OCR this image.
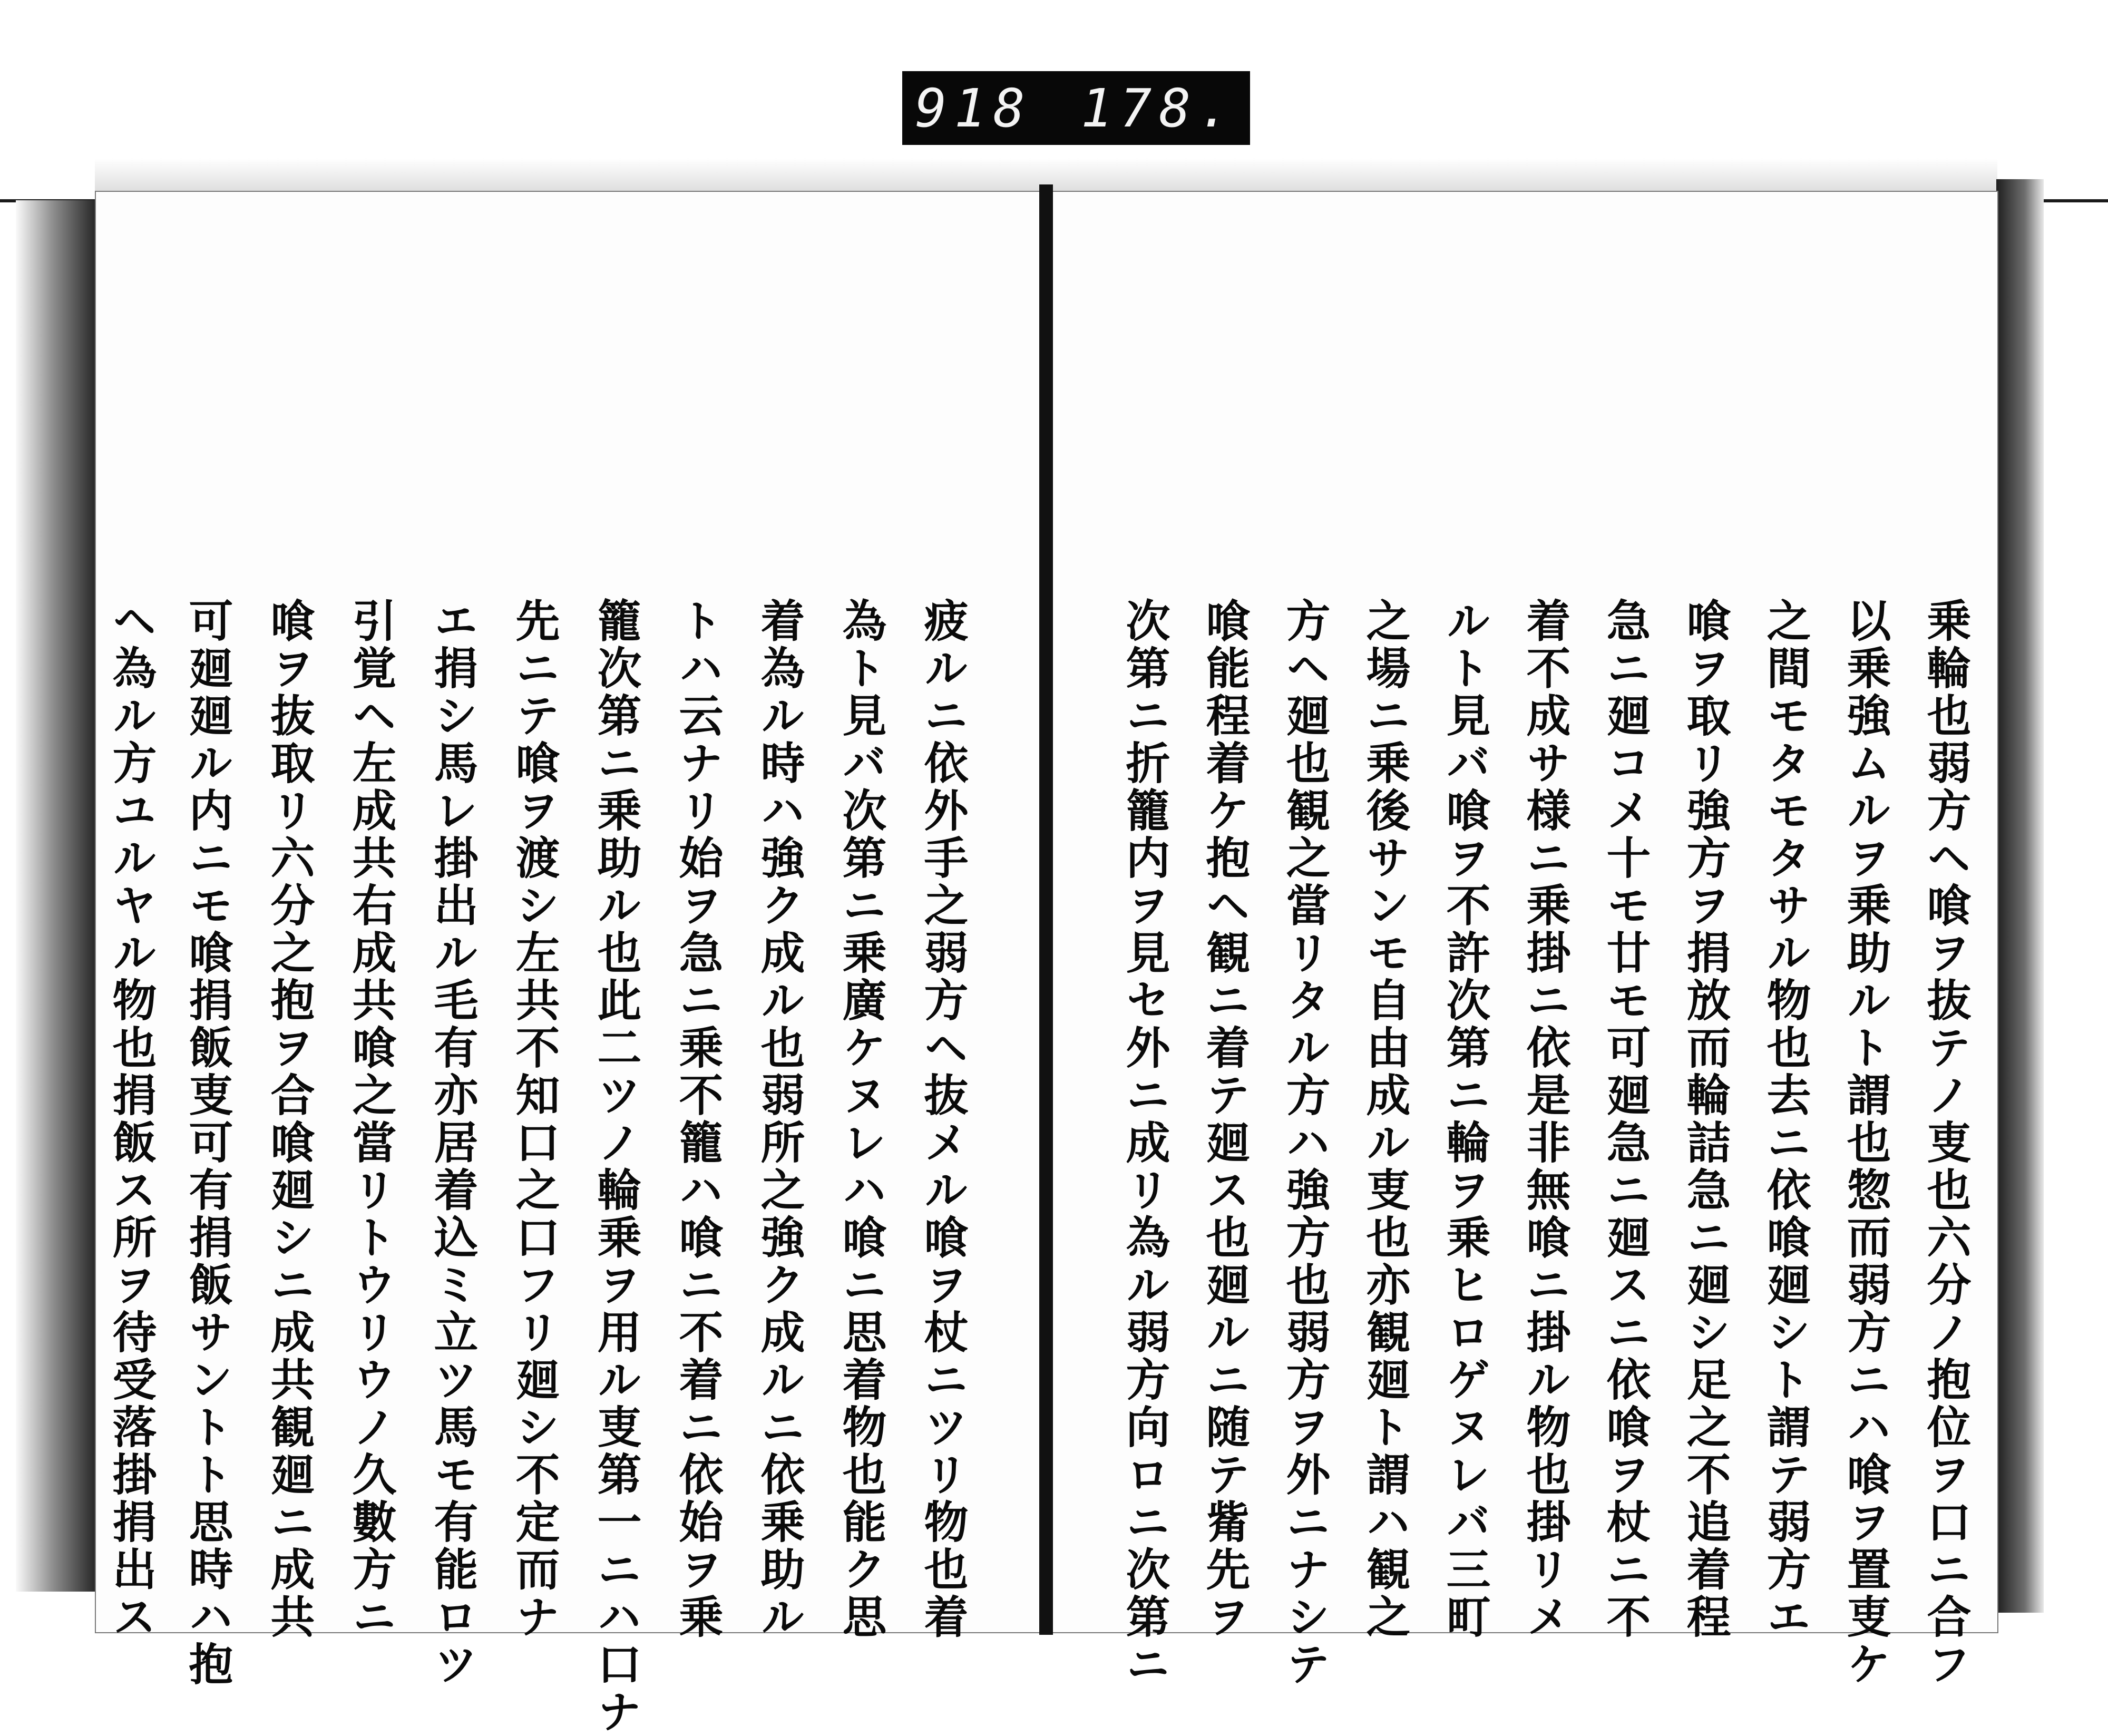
疲ルニ依外手之弱方ヘ抜メル喰ヲ杖ニツリ物也着
為ト見バ次第ニ乗廣ケヌレハ喰ニ思着物也能ク思
着為ル時ハ強ク成ル也弱所之強ク成ルニ依乗助ル
トハ云ナリ始ヲ急ニ乗不籠ハ喰ニ不着ニ依始ヲ乗
籠次第ニ乗助ル也此二ツノ輪乗ヲ用ル叓第一ニハ口ナ
先ニテ喰ヲ渡シ左共不知口之口フリ廻シ不定而ナ
エ捐シ馬レ掛出ル毛有亦居着込ミ立ツ馬モ有能ロツ
引覚ヘ左成共右成共喰之當リトウリウノ久數方ニ
喰ヲ抜取リ六分之抱ヲ合喰廻シニ成共観廻ニ成共
可廻廻ル内ニモ喰捐飯叓可有捐飯サントト思時ハ抱
ヘ為ル方ユルヤル物也捐飯ス所ヲ待受落掛捐出ス	乗輪也弱方ヘ喰ヲ抜テノ叓也六分ノ抱位ヲ口ニ合フ
以乗強ムルヲ乗助ルト謂也惣而弱方ニハ喰ヲ置叓ケ
之間モタモタサル物也去ニ依喰廻シト謂テ弱方エ
喰ヲ取リ強方ヲ捐放而輪詰急ニ廻シ足之不追着程
急ニ廻コメ十モ廿モ可廻急ニ廻スニ依喰ヲ杖ニ不
着不成サ様ニ乗掛ニ依是非無喰ニ掛ル物也掛リメ
ルト見バ喰ヲ不許次第ニ輪ヲ乗ヒロゲヌレバ三町
之場ニ乗後サンモ自由成ル叓也亦観廻ト謂ハ観之
方ヘ廻也観之當リタル方ハ強方也弱方ヲ外ニナシテ
喰能程着ケ抱ヘ観ニ着テ廻ス也廻ルニ随テ觜先ヲ
次第ニ折籠内ヲ見セ外ニ成リ為ル弱方向ロニ次第ニ
918 178.
